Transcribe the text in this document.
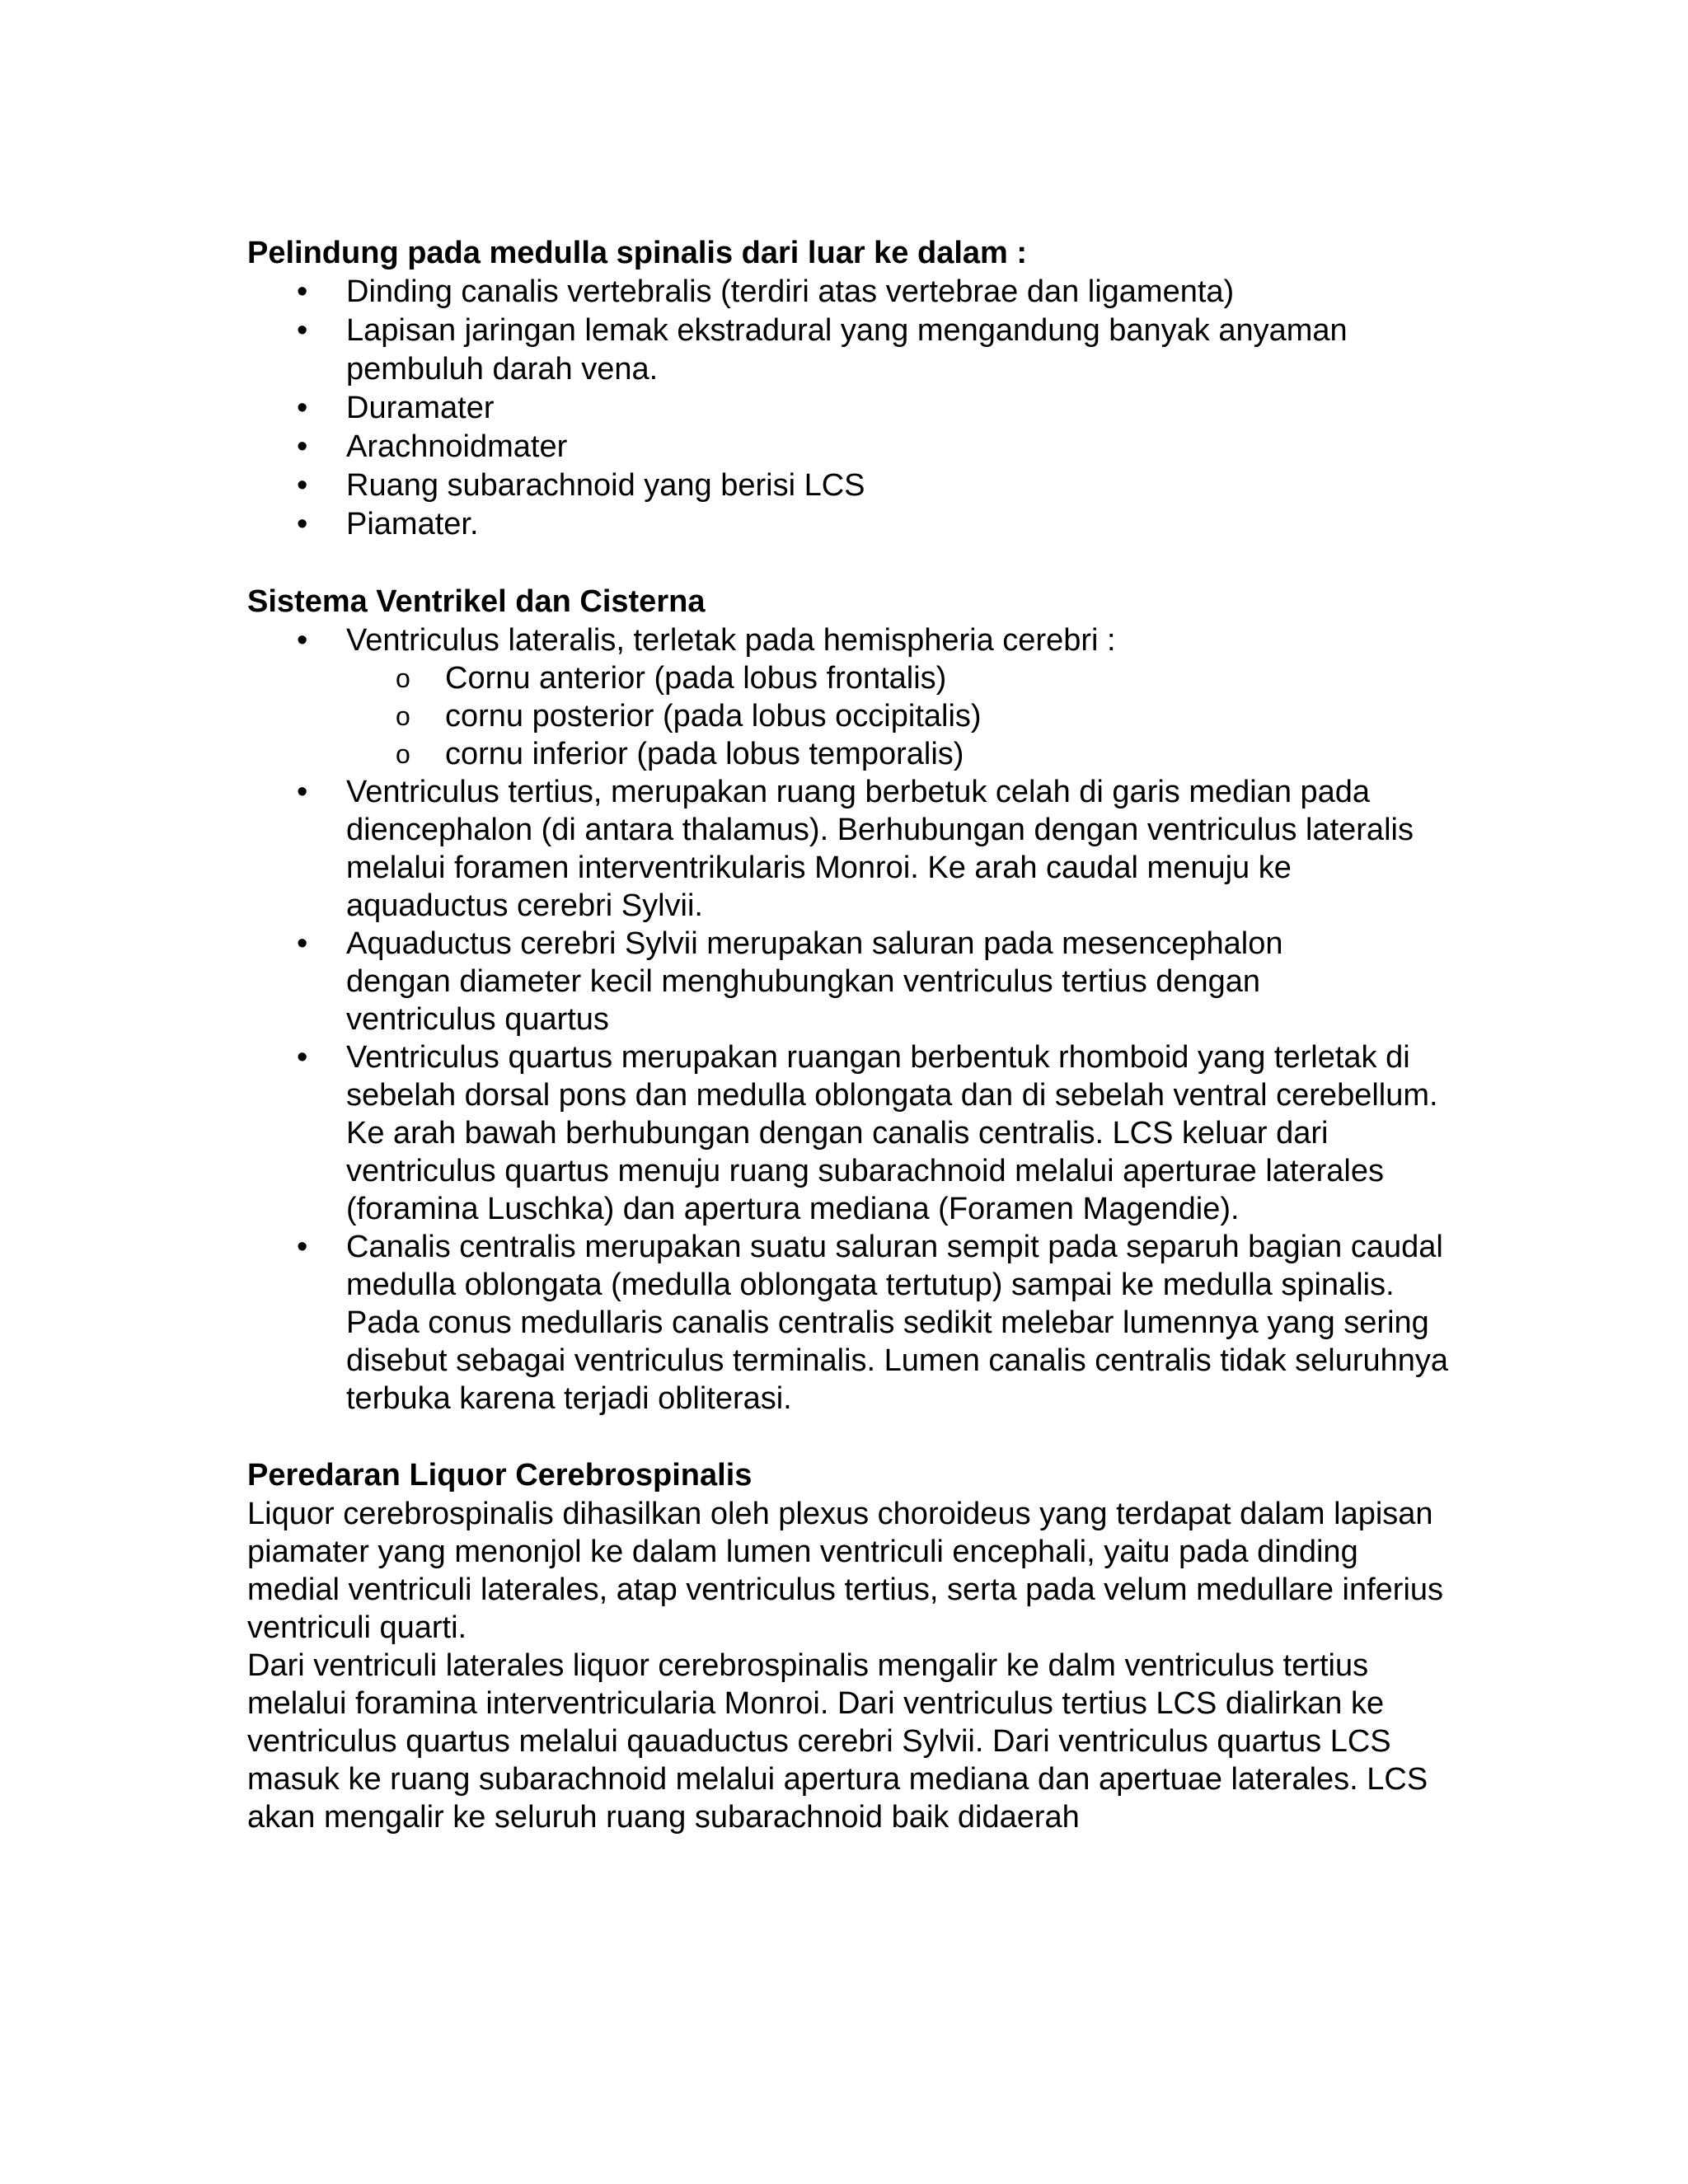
Pelindung pada medulla spinalis dari luar ke dalam :

•	Dinding canalis vertebralis (terdiri atas vertebrae dan ligamenta)
•	Lapisan jaringan lemak ekstradural yang mengandung banyak anyaman pembuluh darah vena.
•	Duramater
•	Arachnoidmater
•	Ruang subarachnoid yang berisi LCS
•	Piamater.

Sistema Ventrikel dan Cisterna

•	Ventriculus lateralis, terletak pada hemispheria cerebri :
o Cornu anterior (pada lobus frontalis)
o cornu posterior (pada lobus occipitalis)
o cornu inferior (pada lobus temporalis)
•	Ventriculus tertius, merupakan ruang berbetuk celah di garis median pada diencephalon (di antara thalamus). Berhubungan dengan ventriculus lateralis melalui foramen interventrikularis Monroi. Ke arah caudal menuju ke aquaductus cerebri Sylvii.
•	Aquaductus cerebri Sylvii merupakan saluran pada mesencephalon dengan diameter kecil menghubungkan ventriculus tertius dengan ventriculus quartus
•	Ventriculus quartus merupakan ruangan berbentuk rhomboid yang terletak di sebelah dorsal pons dan medulla oblongata dan di sebelah ventral cerebellum. Ke arah bawah berhubungan dengan canalis centralis. LCS keluar dari ventriculus quartus menuju ruang subarachnoid melalui aperturae laterales (foramina Luschka) dan apertura mediana (Foramen Magendie).
•	Canalis centralis merupakan suatu saluran sempit pada separuh bagian caudal medulla oblongata (medulla oblongata tertutup) sampai ke medulla spinalis. Pada conus medullaris canalis centralis sedikit melebar lumennya yang sering disebut sebagai ventriculus terminalis. Lumen canalis centralis tidak seluruhnya terbuka karena terjadi obliterasi.

Peredaran Liquor Cerebrospinalis

Liquor cerebrospinalis dihasilkan oleh plexus choroideus yang terdapat dalam lapisan piamater yang menonjol ke dalam lumen ventriculi encephali, yaitu pada dinding medial ventriculi laterales, atap ventriculus tertius, serta pada velum medullare inferius ventriculi quarti.

Dari ventriculi laterales liquor cerebrospinalis mengalir ke dalm ventriculus tertius melalui foramina interventricularia Monroi. Dari ventriculus tertius LCS dialirkan ke ventriculus quartus melalui qauaductus cerebri Sylvii. Dari ventriculus quartus LCS masuk ke ruang subarachnoid melalui apertura mediana dan apertuae laterales. LCS akan mengalir ke seluruh ruang subarachnoid baik didaerah
